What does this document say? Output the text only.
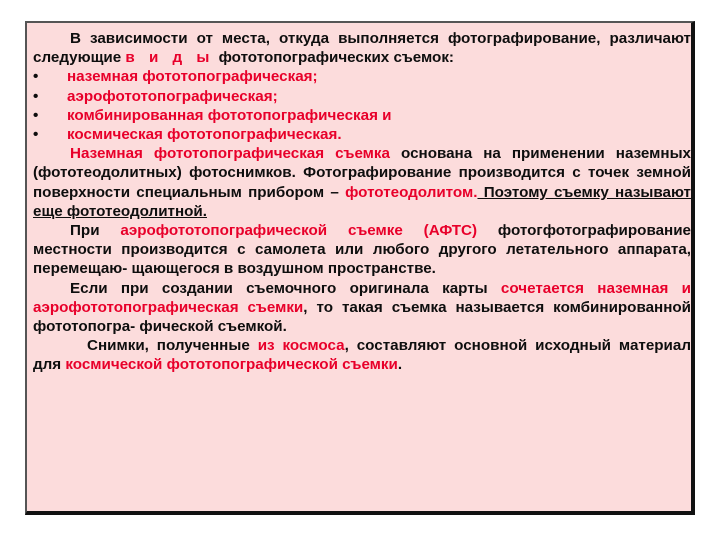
В зависимости от места, откуда выполняется фотографирование, различают следующие в и д ы фототопографических съемок:

•	наземная фототопографическая;
•	аэрофототопографическая;
•	комбинированная фототопографическая и
•	космическая фототопографическая.

Наземная фототопографическая съемка основана на применении наземных (фототеодолитных) фотоснимков. Фотографирование производится с точек земной поверхности специальным прибором – фототеодолитом. Поэтому съемку называют еще фототеодолитной.

При аэрофототопографической съемке (АФТС) фотогфотографирование местности производится с самолета или любого другого летательного аппарата, перемещаю- щающегося в воздушном пространстве.

Если при создании съемочного оригинала карты сочетается наземная и аэрофототопографическая съемки, то такая съемка называется комбинированной фототопогра- фической съемкой.

Снимки, полученные из космоса, составляют основной исходный материал для космической фототопографической съемки.
